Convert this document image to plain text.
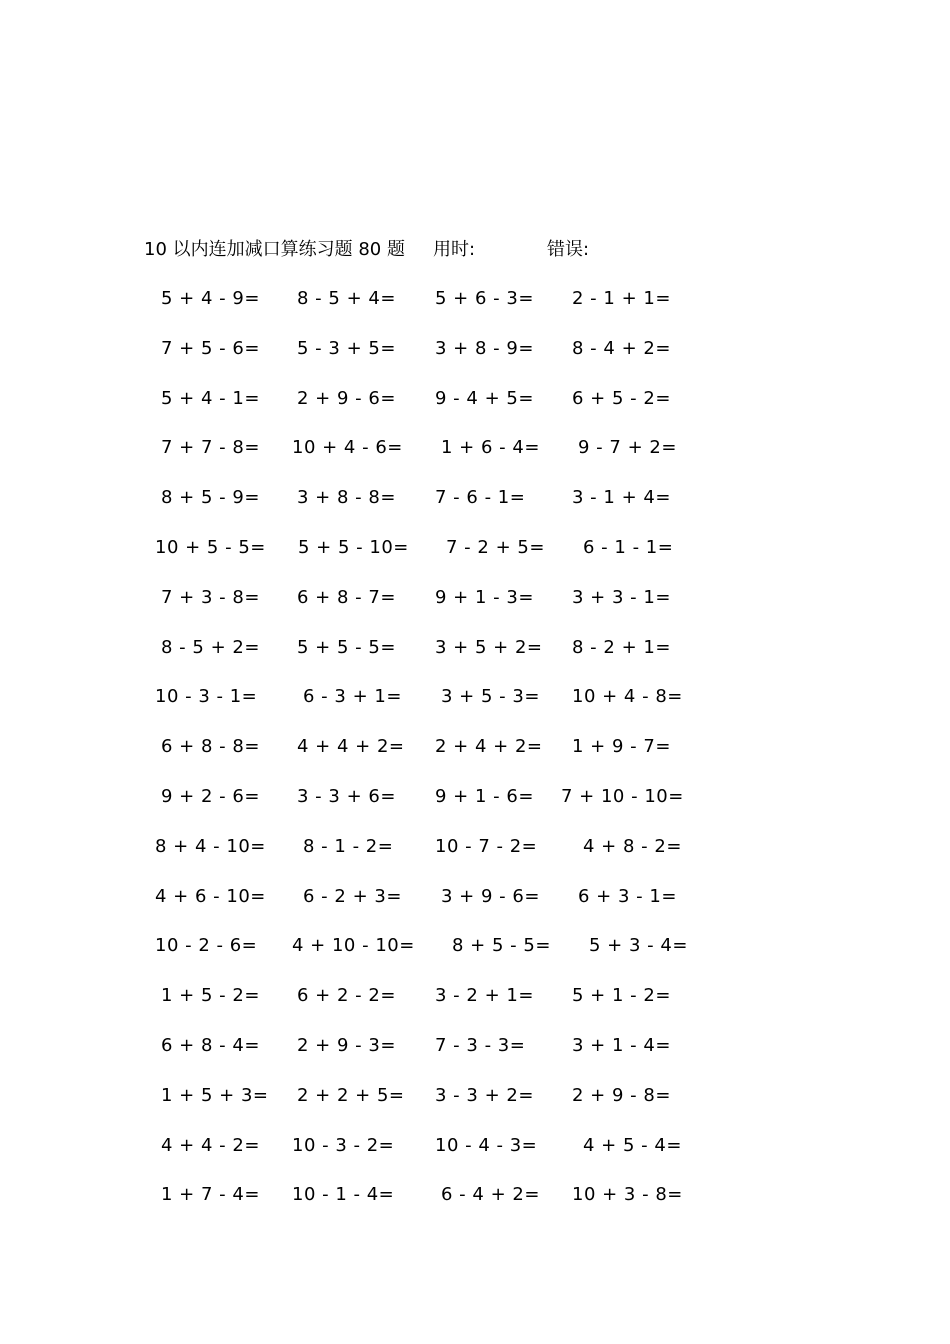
10 以内连加减口算练习题 80 题 用时:	错误:
5 + 4 - 9= 8 - 5 + 4= 5 + 6 - 3= 2 - 1 + 1=
7 + 5 - 6= 5 - 3 + 5= 3 + 8 - 9= 8 - 4 + 2=
5 + 4 - 1= 2 + 9 - 6= 9 - 4 + 5= 6 + 5 - 2=
7 + 7 - 8= 10 + 4 - 6= 1 + 6 - 4= 9 - 7 + 2=
8 + 5 - 9= 3 + 8 - 8= 7 - 6 - 1=	3 - 1 + 4=
10 + 5 - 5= 5 + 5 - 10= 7 - 2 + 5= 6 - 1 - 1=
7 + 3 - 8= 6 + 8 - 7= 9 + 1 - 3= 3 + 3 - 1=
8 - 5 + 2= 5 + 5 - 5= 3 + 5 + 2= 8 - 2 + 1=
10 - 3 - 1=	6 - 3 + 1= 3 + 5 - 3= 10 + 4 - 8=
6 + 8 - 8= 4 + 4 + 2= 2 + 4 + 2= 1 + 9 - 7=
9 + 2 - 6= 3 - 3 + 6= 9 + 1 - 6= 7 + 10 - 10=
8 + 4 - 10= 8 - 1 - 2= 10 - 7 - 2=	4 + 8 - 2=
4 + 6 - 10= 6 - 2 + 3= 3 + 9 - 6= 6 + 3 - 1=
10 - 2 - 6= 4 + 10 - 10= 8 + 5 - 5= 5 + 3 - 4=
1 + 5 - 2= 6 + 2 - 2= 3 - 2 + 1= 5 + 1 - 2=
6 + 8 - 4= 2 + 9 - 3= 7 - 3 - 3=	3 + 1 - 4=
1 + 5 + 3= 2 + 2 + 5= 3 - 3 + 2= 2 + 9 - 8=
4 + 4 - 2= 10 - 3 - 2= 10 - 4 - 3=	4 + 5 - 4=
1 + 7 - 4= 10 - 1 - 4=	6 - 4 + 2= 10 + 3 - 8=
